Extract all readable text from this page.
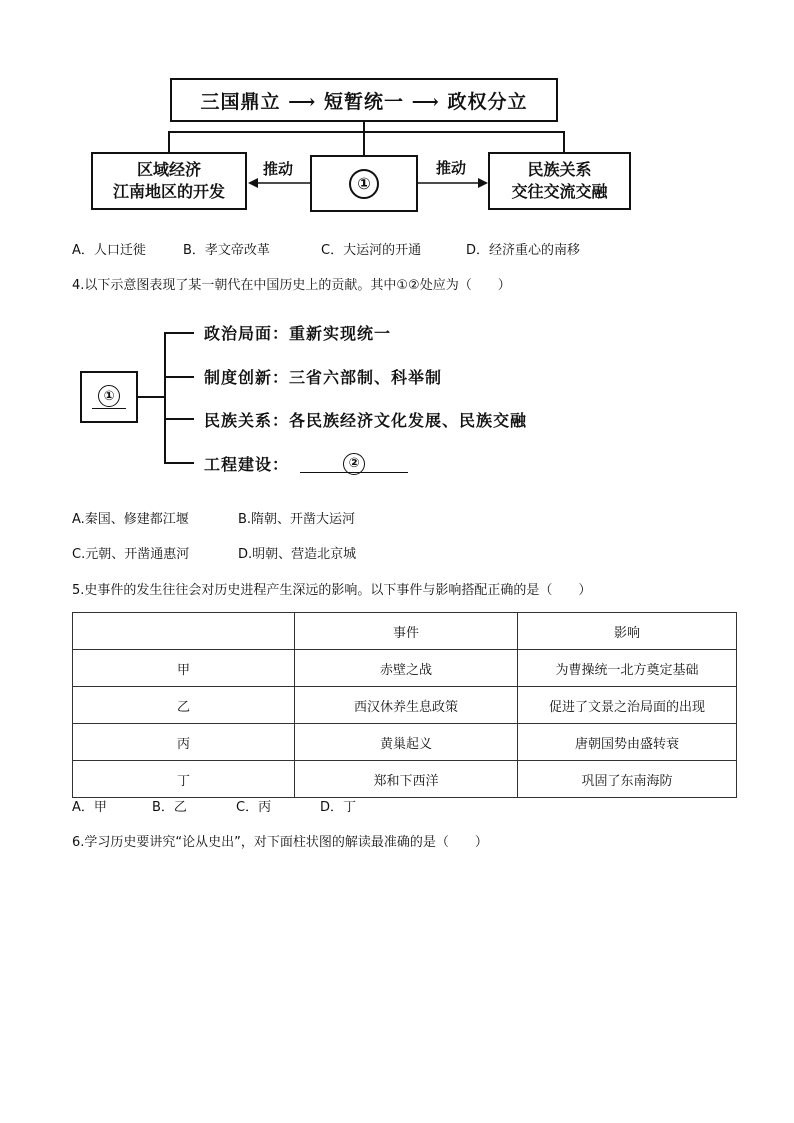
三国鼎立 ⟶ 短暂统一 ⟶ 政权分立
区域经济
江南地区的开发	①
民族关系
交往交流交融
推动	推动
A．人口迁徙	B．孝文帝改革	C．大运河的开通	D．经济重心的南移
4.以下示意图表现了某一朝代在中国历史上的贡献。其中①②处应为（　　）
①
政治局面：重新实现统一
制度创新：三省六部制、科举制
民族关系：各民族经济文化发展、民族交融
工程建设：	②
A.秦国、修建都江堰	B.隋朝、开凿大运河
C.元朝、开凿通惠河	D.明朝、营造北京城
5.史事件的发生往往会对历史进程产生深远的影响。以下事件与影响搭配正确的是（　　）
	事件	影响
甲	赤壁之战	为曹操统一北方奠定基础
乙	西汉休养生息政策	促进了文景之治局面的出现
丙	黄巢起义	唐朝国势由盛转衰
丁	郑和下西洋	巩固了东南海防
A．甲	B．乙	C．丙	D．丁
6.学习历史要讲究“论从史出”，对下面柱状图的解读最准确的是（　　）
